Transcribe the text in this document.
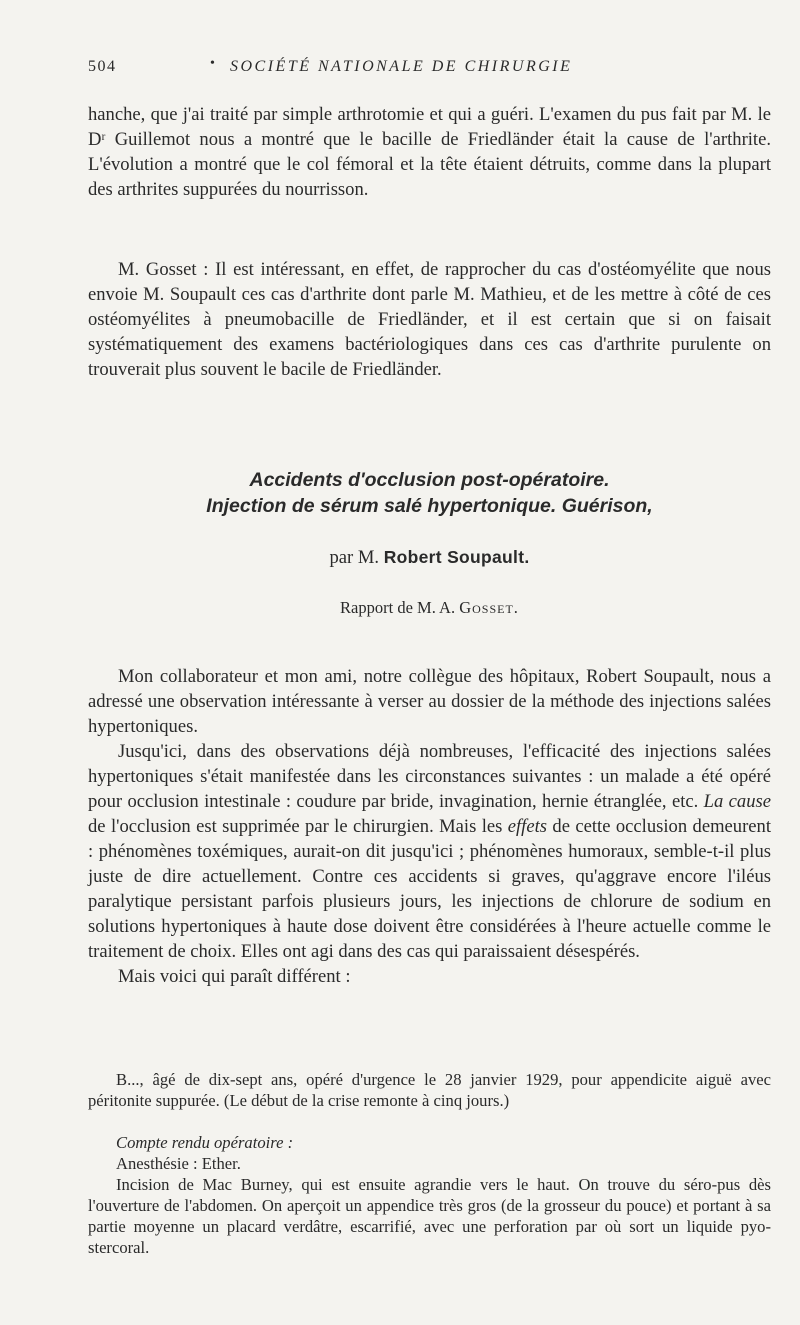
504	• SOCIÉTÉ NATIONALE DE CHIRURGIE

hanche, que j'ai traité par simple arthrotomie et qui a guéri. L'examen du pus fait par M. le Dʳ Guillemot nous a montré que le bacille de Friedländer était la cause de l'arthrite. L'évolution a montré que le col fémoral et la tête étaient détruits, comme dans la plupart des arthrites suppurées du nourrisson.

M. Gosset : Il est intéressant, en effet, de rapprocher du cas d'ostéomyélite que nous envoie M. Soupault ces cas d'arthrite dont parle M. Mathieu, et de les mettre à côté de ces ostéomyélites à pneumobacille de Friedländer, et il est certain que si on faisait systématiquement des examens bactériologiques dans ces cas d'arthrite purulente on trouverait plus souvent le bacile de Friedländer.

Accidents d'occlusion post-opératoire.
Injection de sérum salé hypertonique. Guérison,
par M. Robert Soupault.
Rapport de M. A. Gosset.

Mon collaborateur et mon ami, notre collègue des hôpitaux, Robert Soupault, nous a adressé une observation intéressante à verser au dossier de la méthode des injections salées hypertoniques.

Jusqu'ici, dans des observations déjà nombreuses, l'efficacité des injections salées hypertoniques s'était manifestée dans les circonstances suivantes : un malade a été opéré pour occlusion intestinale : coudure par bride, invagination, hernie étranglée, etc. La cause de l'occlusion est supprimée par le chirurgien. Mais les effets de cette occlusion demeurent : phénomènes toxémiques, aurait-on dit jusqu'ici ; phénomènes humoraux, semble-t-il plus juste de dire actuellement. Contre ces accidents si graves, qu'aggrave encore l'iléus paralytique persistant parfois plusieurs jours, les injections de chlorure de sodium en solutions hypertoniques à haute dose doivent être considérées à l'heure actuelle comme le traitement de choix. Elles ont agi dans des cas qui paraissaient désespérés.

Mais voici qui paraît différent :

B..., âgé de dix-sept ans, opéré d'urgence le 28 janvier 1929, pour appendicite aiguë avec péritonite suppurée. (Le début de la crise remonte à cinq jours.)

Compte rendu opératoire :

Anesthésie : Ether.

Incision de Mac Burney, qui est ensuite agrandie vers le haut. On trouve du séro-pus dès l'ouverture de l'abdomen. On aperçoit un appendice très gros (de la grosseur du pouce) et portant à sa partie moyenne un placard verdâtre, escarrifié, avec une perforation par où sort un liquide pyo-stercoral.
